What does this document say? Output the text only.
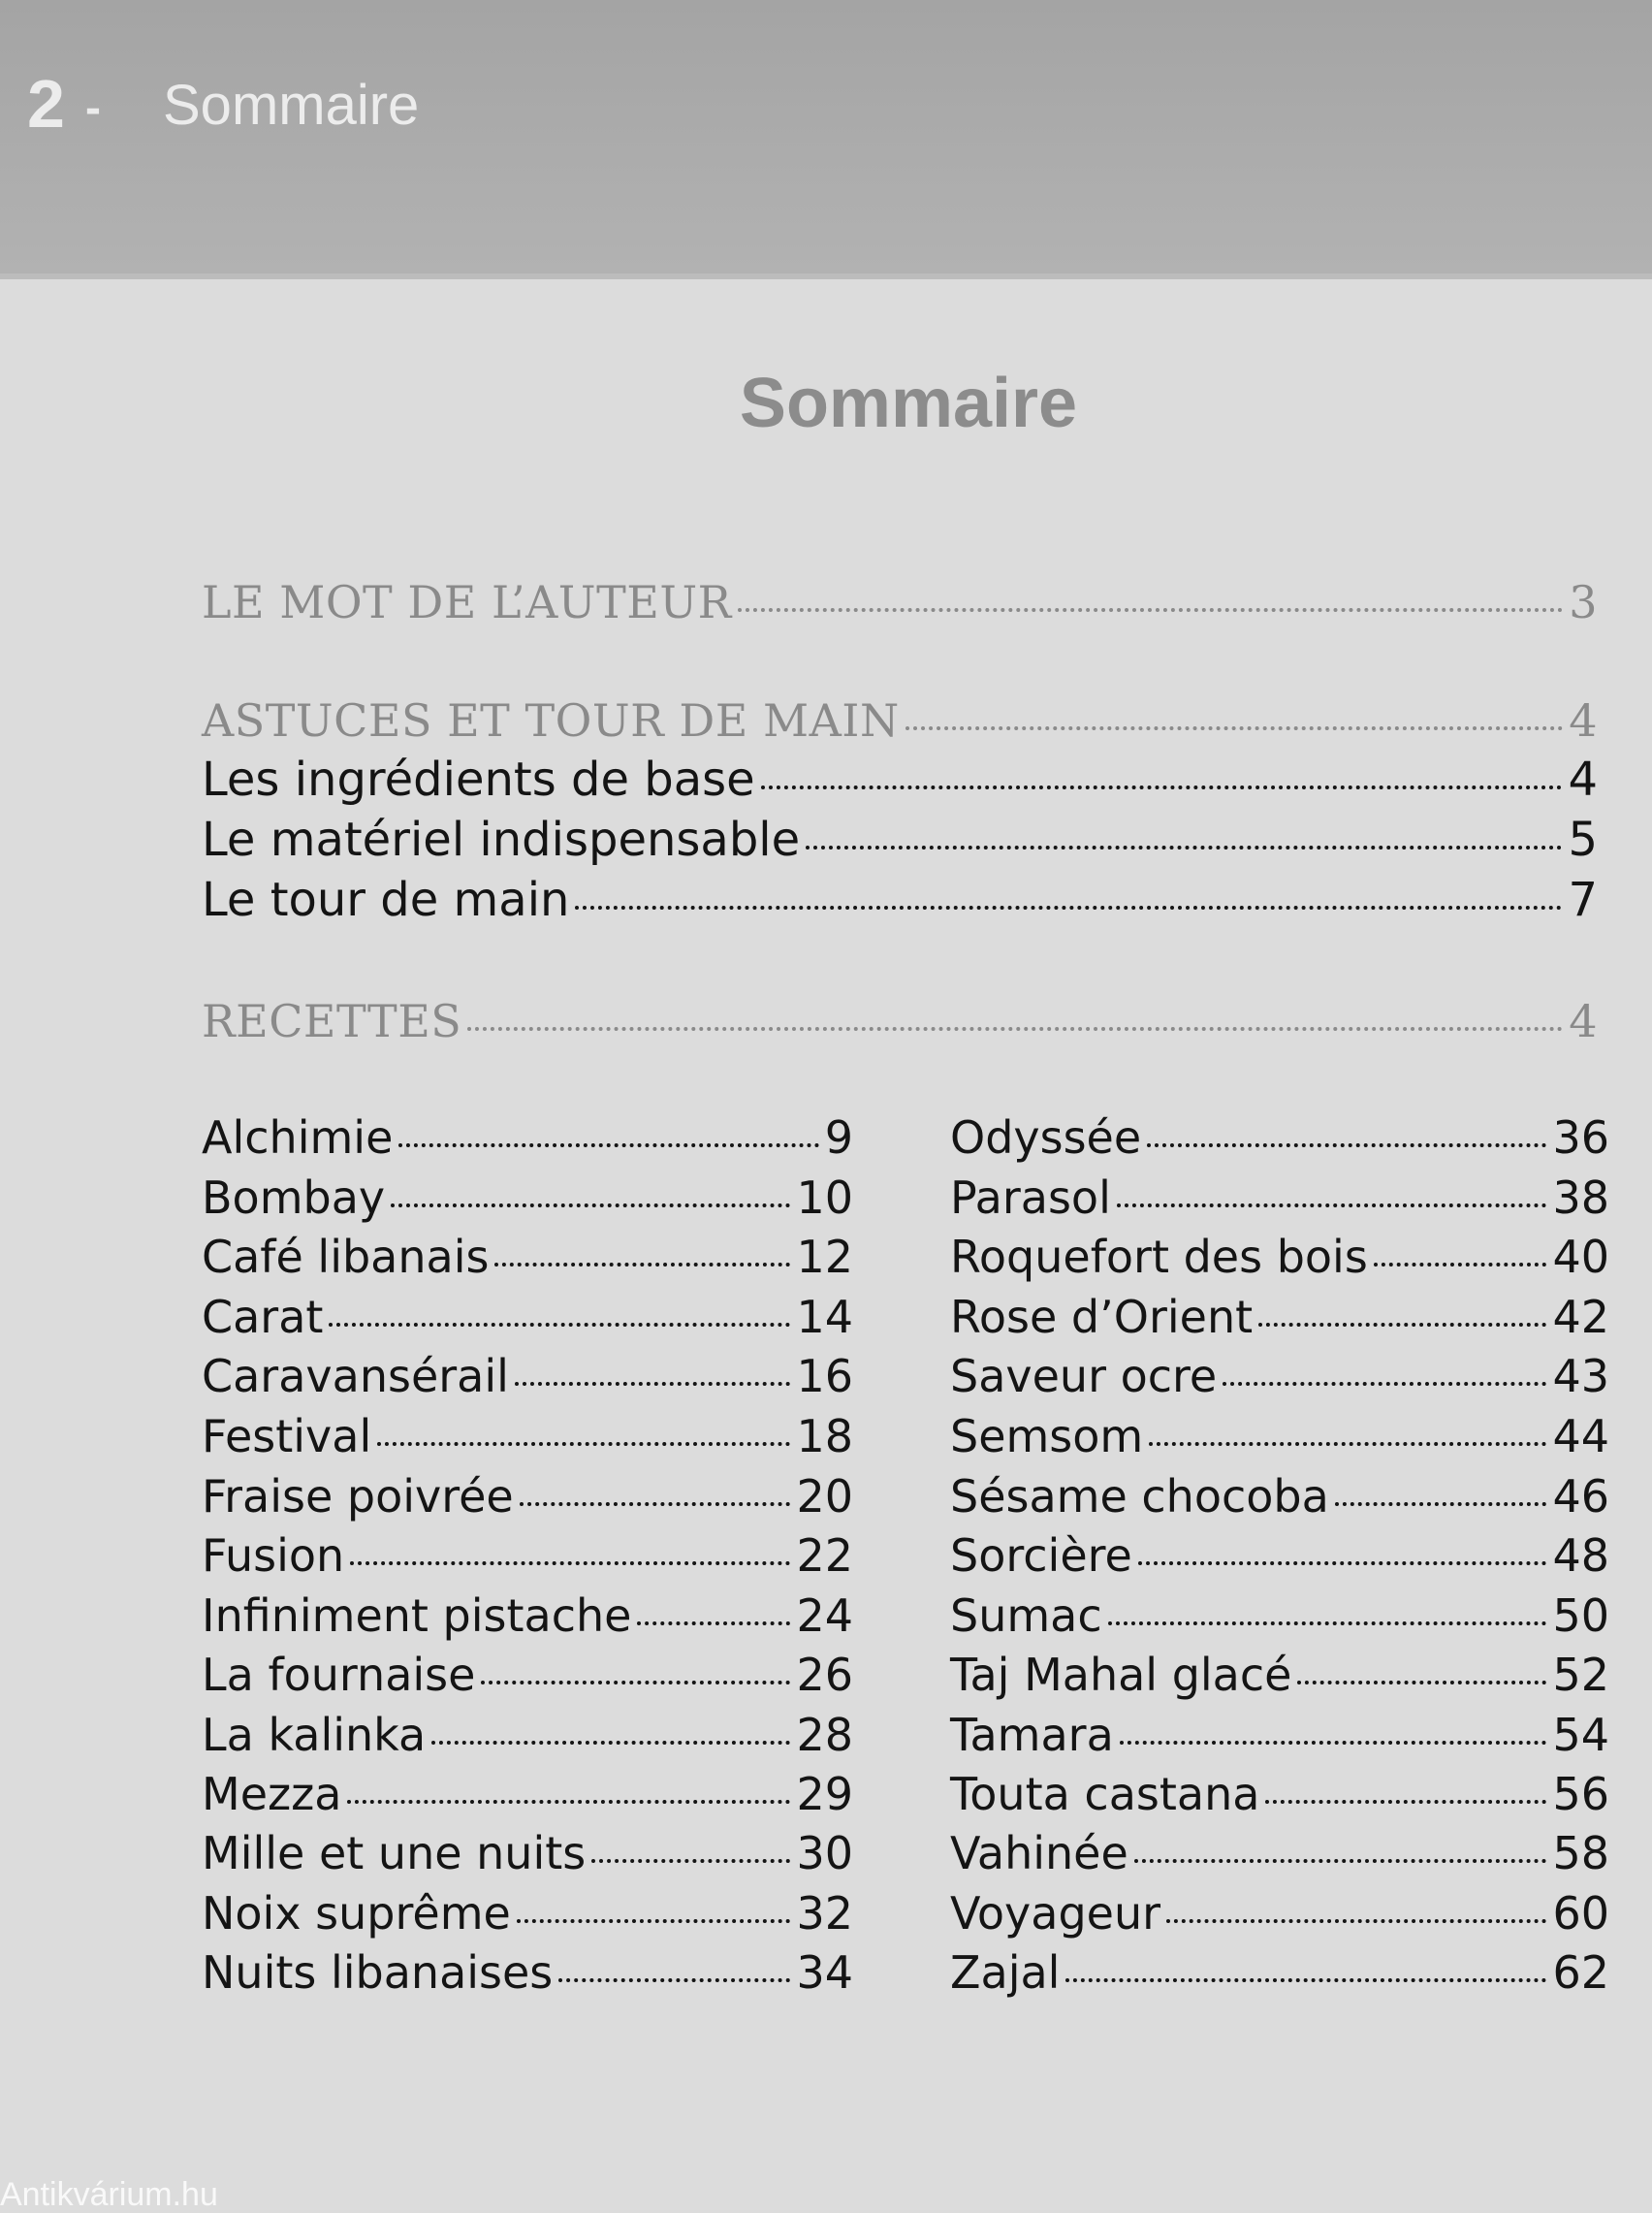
2 - Sommaire
Sommaire
LE MOT DE L’AUTEUR	3
ASTUCES ET TOUR DE MAIN	4
Les ingrédients de base	4
Le matériel indispensable	5
Le tour de main	7
RECETTES	4
Alchimie	9
Bombay	10
Café libanais	12
Carat	14
Caravansérail	16
Festival	18
Fraise poivrée	20
Fusion	22
Infiniment pistache	24
La fournaise	26
La kalinka	28
Mezza	29
Mille et une nuits	30
Noix suprême	32
Nuits libanaises	34
Odyssée	36
Parasol	38
Roquefort des bois	40
Rose d’Orient	42
Saveur ocre	43
Semsom	44
Sésame chocoba	46
Sorcière	48
Sumac	50
Taj Mahal glacé	52
Tamara	54
Touta castana	56
Vahinée	58
Voyageur	60
Zajal	62
Antikvárium.hu
